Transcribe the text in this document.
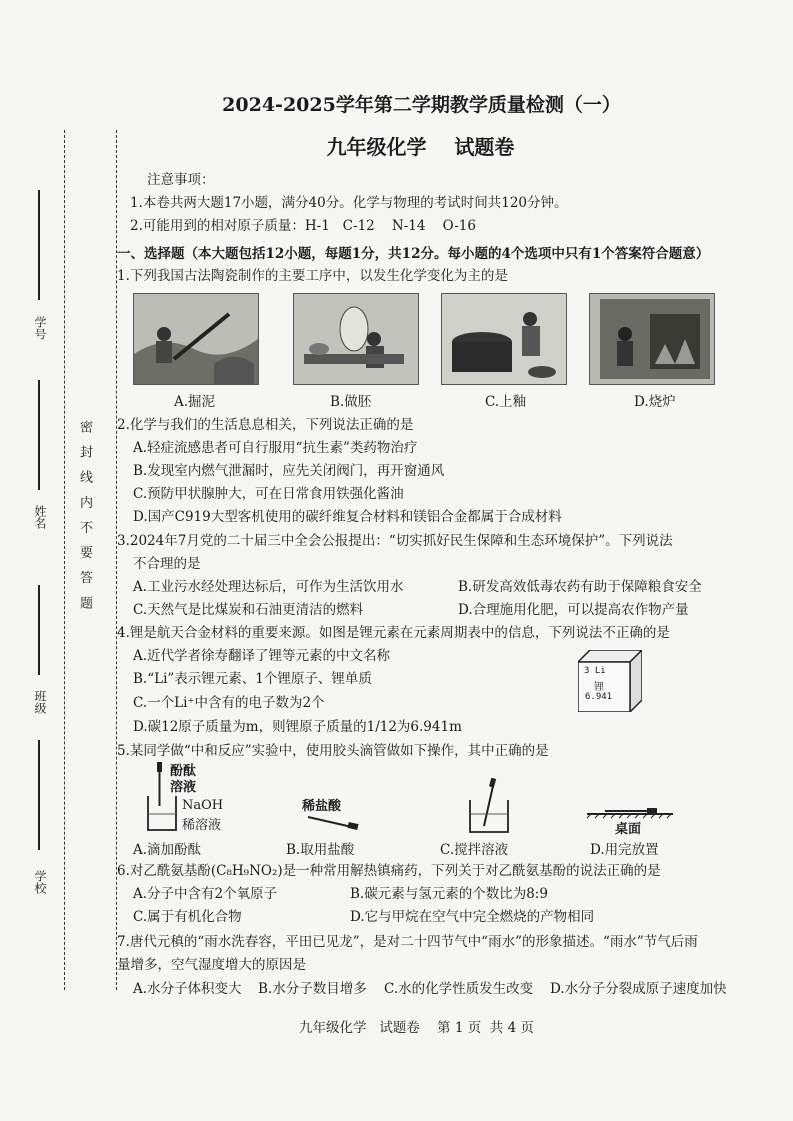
密 封 线 内 不 要 答 题
学号
姓名
班级
学校
2024-2025学年第二学期教学质量检测（一）
九年级化学    试题卷
注意事项：
1.本卷共两大题17小题，满分40分。化学与物理的考试时间共120分钟。
2.可能用到的相对原子质量：H-1   C-12    N-14    O-16
一、选择题（本大题包括12小题，每题1分，共12分。每小题的4个选项中只有1个答案符合题意）
1.下列我国古法陶瓷制作的主要工序中，以发生化学变化为主的是
A.掘泥	B.做胚	C.上釉	D.烧炉
2.化学与我们的生活息息相关，下列说法正确的是
A.轻症流感患者可自行服用“抗生素”类药物治疗
B.发现室内燃气泄漏时，应先关闭阀门，再开窗通风
C.预防甲状腺肿大，可在日常食用铁强化酱油
D.国产C919大型客机使用的碳纤维复合材料和镁铝合金都属于合成材料
3.2024年7月党的二十届三中全会公报提出：“切实抓好民生保障和生态环境保护”。下列说法
不合理的是
A.工业污水经处理达标后，可作为生活饮用水	B.研发高效低毒农药有助于保障粮食安全
C.天然气是比煤炭和石油更清洁的燃料	D.合理施用化肥，可以提高农作物产量
4.锂是航天合金材料的重要来源。如图是锂元素在元素周期表中的信息，下列说法不正确的是
A.近代学者徐寿翻译了锂等元素的中文名称
B.“Li”表示锂元素、1个锂原子、锂单质
C.一个Li⁺中含有的电子数为2个
D.碳12原子质量为m，则锂原子质量的1/12为6.941m
3 Li
锂
6.941
5.某同学做“中和反应”实验中，使用胶头滴管做如下操作，其中正确的是
酚酞
溶液
NaOH
稀溶液
稀盐酸
桌面
A.滴加酚酞	B.取用盐酸	C.搅拌溶液	D.用完放置
6.对乙酰氨基酚(C₈H₉NO₂)是一种常用解热镇痛药，下列关于对乙酰氨基酚的说法正确的是
A.分子中含有2个氧原子	B.碳元素与氢元素的个数比为8:9
C.属于有机化合物	D.它与甲烷在空气中完全燃烧的产物相同
7.唐代元稹的“雨水洗春容，平田已见龙”，是对二十四节气中“雨水”的形象描述。“雨水”节气后雨
量增多，空气湿度增大的原因是
A.水分子体积变大 B.水分子数目增多 C.水的化学性质发生改变 D.水分子分裂成原子速度加快
九年级化学   试题卷    第 1 页  共 4 页
